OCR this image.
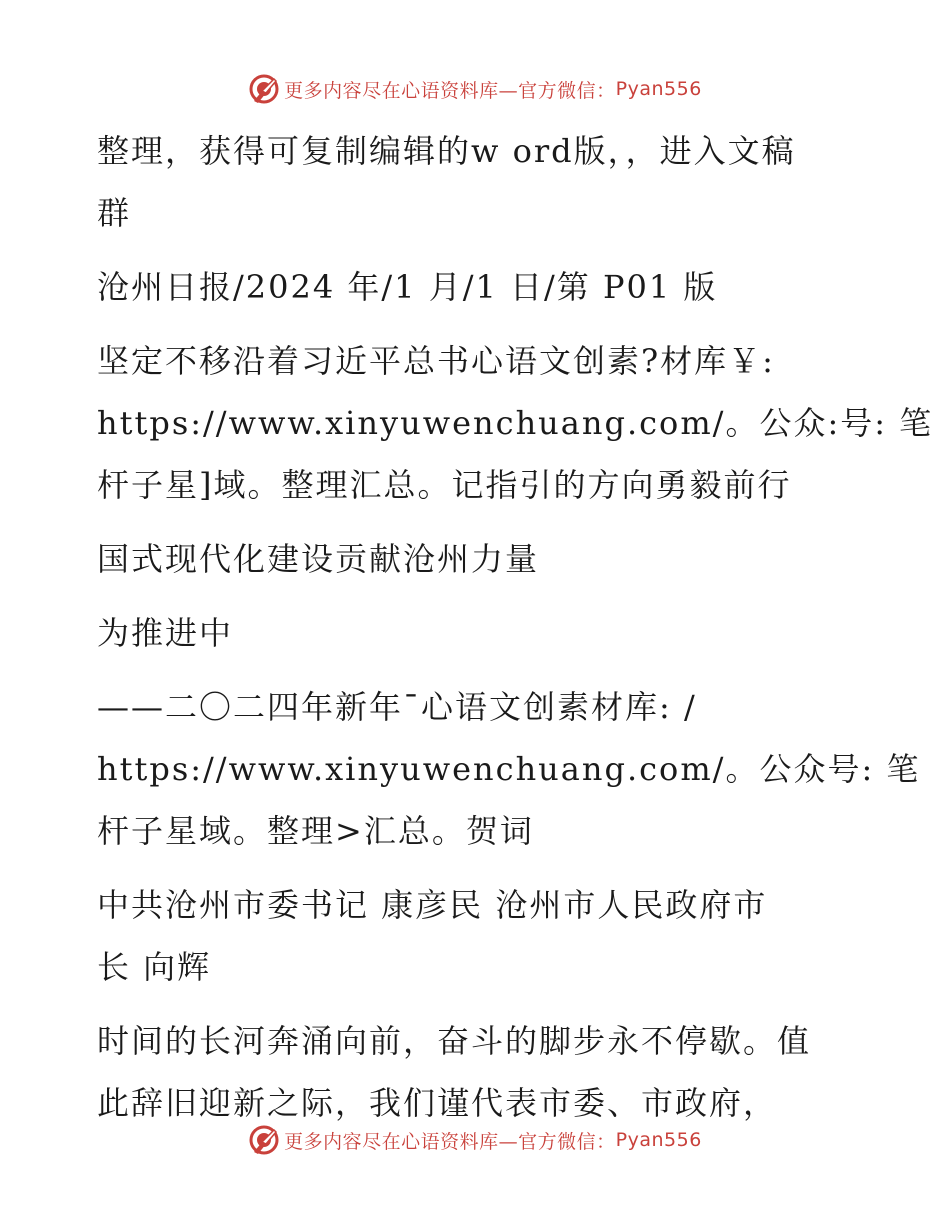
更多内容尽在心语资料库—官方微信： Pyan556
整理，获得可复制编辑的w ord版，，进入文稿
群
沧州日报/2024 年/1 月/1 日/第 P01 版
坚定不移沿着习近平总书心语文创素?材库￥:
https://www.xinyuwenchuang.com/。公众:号: 笔
杆子星]域。整理汇总。记指引的方向勇毅前行
国式现代化建设贡献沧州力量
为推进中
——二〇二四年新年¯心语文创素材库: /
https://www.xinyuwenchuang.com/。公众号: 笔
杆子星域。整理>汇总。贺词
中共沧州市委书记 康彦民 沧州市人民政府市
长 向辉
时间的长河奔涌向前，奋斗的脚步永不停歇。值
此辞旧迎新之际，我们谨代表市委、市政府，
更多内容尽在心语资料库—官方微信： Pyan556
